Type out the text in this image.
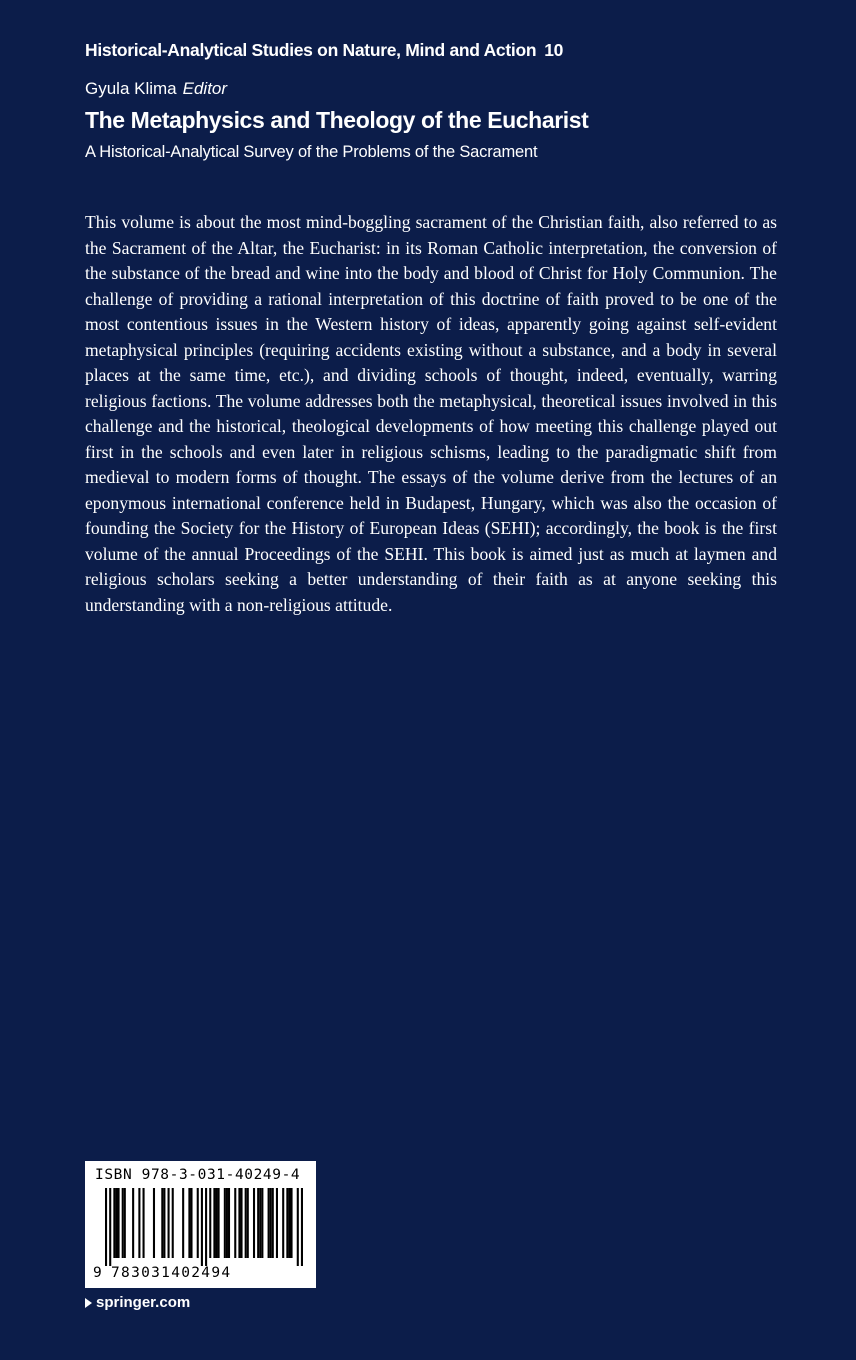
Historical-Analytical Studies on Nature, Mind and Action 10
Gyula Klima Editor
The Metaphysics and Theology of the Eucharist
A Historical-Analytical Survey of the Problems of the Sacrament

This volume is about the most mind-boggling sacrament of the Christian faith, also referred to as the Sacrament of the Altar, the Eucharist: in its Roman Catholic interpretation, the conversion of the substance of the bread and wine into the body and blood of Christ for Holy Communion. The challenge of providing a rational interpretation of this doctrine of faith proved to be one of the most contentious issues in the Western history of ideas, apparently going against self-evident metaphysical principles (requiring accidents existing without a substance, and a body in several places at the same time, etc.), and dividing schools of thought, indeed, eventually, warring religious factions. The volume addresses both the metaphysical, theoretical issues involved in this challenge and the historical, theological developments of how meeting this challenge played out first in the schools and even later in religious schisms, leading to the paradigmatic shift from medieval to modern forms of thought. The essays of the volume derive from the lectures of an eponymous international conference held in Budapest, Hungary, which was also the occasion of founding the Society for the History of European Ideas (SEHI); accordingly, the book is the first volume of the annual Proceedings of the SEHI. This book is aimed just as much at laymen and religious scholars seeking a better understanding of their faith as at anyone seeking this understanding with a non-religious attitude.

ISBN 978-3-031-40249-4
9 783031402494
springer.com
